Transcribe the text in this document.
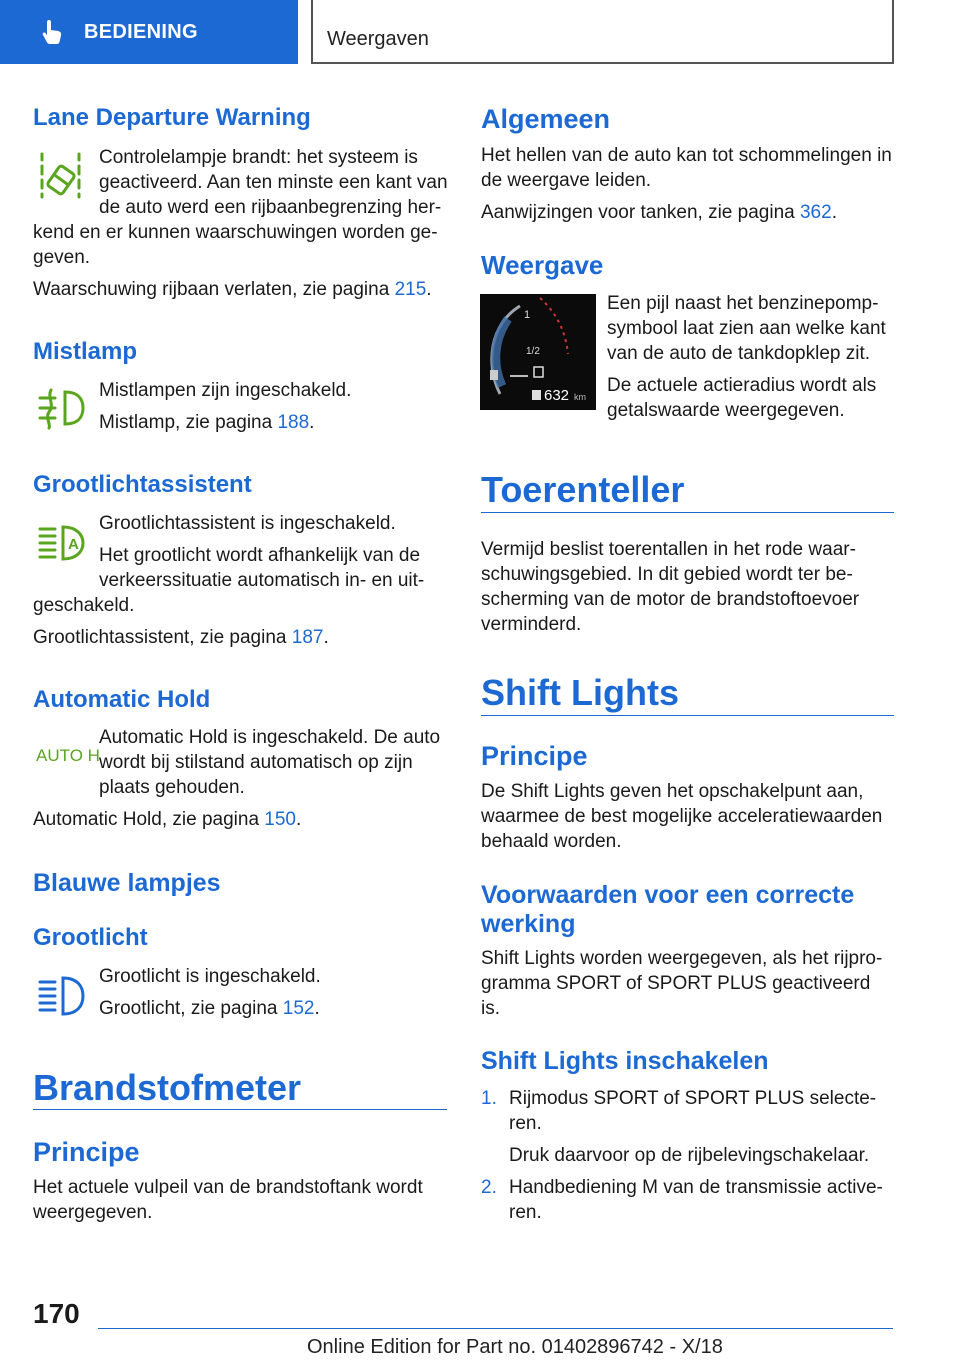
BEDIENING	Weergaven
Lane Departure Warning

Controlelampje brandt: het systeem is

geactiveerd. Aan ten minste een kant van

de auto werd een rijbaanbegrenzing her-

kend en er kunnen waarschuwingen worden ge-

geven.

Waarschuwing rijbaan verlaten, zie pagina 215.

Mistlamp

Mistlampen zijn ingeschakeld.

Mistlamp, zie pagina 188.

Grootlichtassistent
A

Grootlichtassistent is ingeschakeld.

Het grootlicht wordt afhankelijk van de

verkeerssituatie automatisch in- en uit-

geschakeld.

Grootlichtassistent, zie pagina 187.

Automatic Hold
AUTO H

Automatic Hold is ingeschakeld. De auto

wordt bij stilstand automatisch op zijn

plaats gehouden.

Automatic Hold, zie pagina 150.

Blauwe lampjes
Grootlicht

Grootlicht is ingeschakeld.

Grootlicht, zie pagina 152.

Brandstofmeter
Principe

Het actuele vulpeil van de brandstoftank wordt

weergegeven.

Algemeen

Het hellen van de auto kan tot schommelingen in

de weergave leiden.

Aanwijzingen voor tanken, zie pagina 362.

Weergave
1
1/2
632 km

Een pijl naast het benzinepomp-

symbool laat zien aan welke kant

van de auto de tankdopklep zit.

De actuele actieradius wordt als

getalswaarde weergegeven.

Toerenteller

Vermijd beslist toerentallen in het rode waar-

schuwingsgebied. In dit gebied wordt ter be-

scherming van de motor de brandstoftoevoer

verminderd.

Shift Lights
Principe

De Shift Lights geven het opschakelpunt aan,

waarmee de best mogelijke acceleratiewaarden

behaald worden.

Voorwaarden voor een correcte
werking

Shift Lights worden weergegeven, als het rijpro-

gramma SPORT of SPORT PLUS geactiveerd

is.

Shift Lights inschakelen
1. Rijmodus SPORT of SPORT PLUS selecte-

ren.

Druk daarvoor op de rijbelevingschakelaar.

2. Handbediening M van de transmissie active-

ren.

170
Online Edition for Part no. 01402896742 - X/18
